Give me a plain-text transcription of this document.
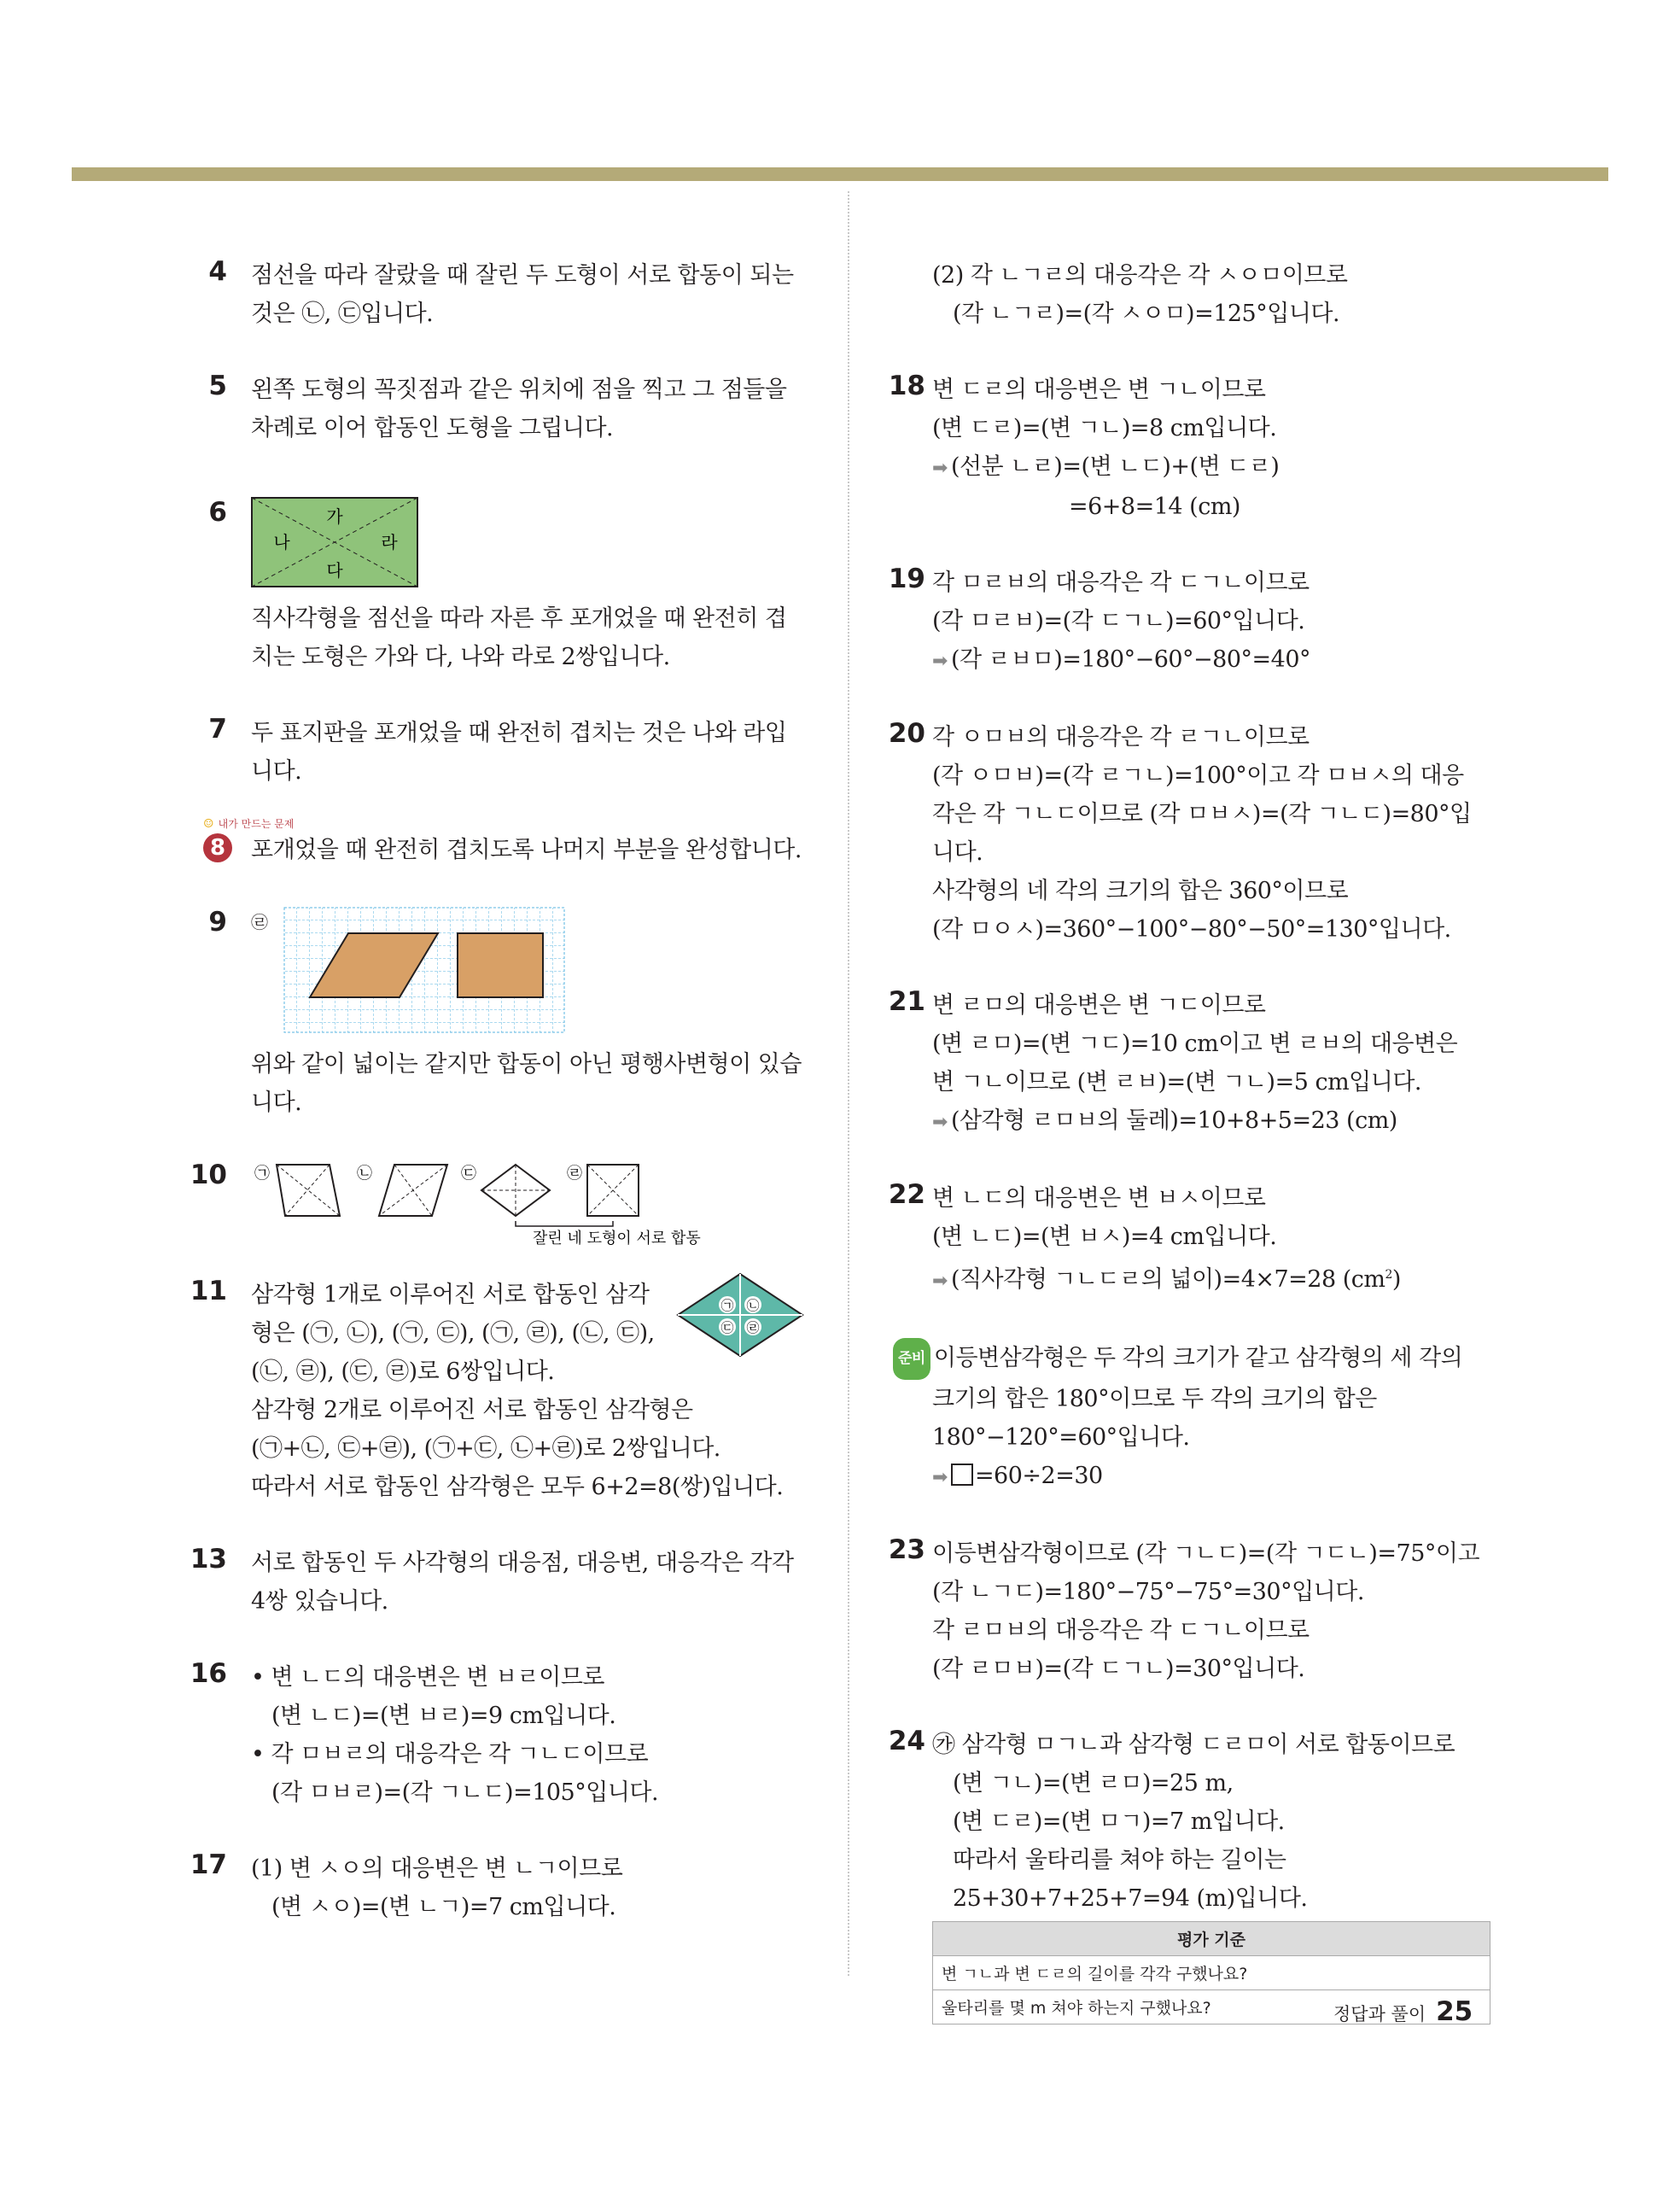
4 점선을 따라 잘랐을 때 잘린 두 도형이 서로 합동이 되는
것은 ㉡, ㉢입니다.
5 왼쪽 도형의 꼭짓점과 같은 위치에 점을 찍고 그 점들을
차례로 이어 합동인 도형을 그립니다.
6	가
나	라
다
직사각형을 점선을 따라 자른 후 포개었을 때 완전히 겹
치는 도형은 가와 다, 나와 라로 2쌍입니다.
7 두 표지판을 포개었을 때 완전히 겹치는 것은 나와 라입
니다.
☺ 내가 만드는 문제
8 포개었을 때 완전히 겹치도록 나머지 부분을 완성합니다.
9 ㉣
위와 같이 넓이는 같지만 합동이 아닌 평행사변형이 있습
니다.
10 ㉠	㉡	㉢	㉣
잘린 네 도형이 서로 합동
11	㉠ ㉡
㉢ ㉣
삼각형 1개로 이루어진 서로 합동인 삼각
형은 (㉠, ㉡), (㉠, ㉢), (㉠, ㉣), (㉡, ㉢),
(㉡, ㉣), (㉢, ㉣)로 6쌍입니다.
삼각형 2개로 이루어진 서로 합동인 삼각형은
(㉠+㉡, ㉢+㉣), (㉠+㉢, ㉡+㉣)로 2쌍입니다.
따라서 서로 합동인 삼각형은 모두 6+2=8(쌍)입니다.
13 서로 합동인 두 사각형의 대응점, 대응변, 대응각은 각각
4쌍 있습니다.
16 • 변 ㄴㄷ의 대응변은 변 ㅂㄹ이므로
(변 ㄴㄷ)=(변 ㅂㄹ)=9 cm입니다.
• 각 ㅁㅂㄹ의 대응각은 각 ㄱㄴㄷ이므로
(각 ㅁㅂㄹ)=(각 ㄱㄴㄷ)=105°입니다.
17 (1) 변 ㅅㅇ의 대응변은 변 ㄴㄱ이므로
(변 ㅅㅇ)=(변 ㄴㄱ)=7 cm입니다.
(2) 각 ㄴㄱㄹ의 대응각은 각 ㅅㅇㅁ이므로
(각 ㄴㄱㄹ)=(각 ㅅㅇㅁ)=125°입니다.
18 변 ㄷㄹ의 대응변은 변 ㄱㄴ이므로
(변 ㄷㄹ)=(변 ㄱㄴ)=8 cm입니다.
➡ (선분 ㄴㄹ)=(변 ㄴㄷ)+(변 ㄷㄹ)
=6+8=14 (cm)
19 각 ㅁㄹㅂ의 대응각은 각 ㄷㄱㄴ이므로
(각 ㅁㄹㅂ)=(각 ㄷㄱㄴ)=60°입니다.
➡ (각 ㄹㅂㅁ)=180°−60°−80°=40°
20 각 ㅇㅁㅂ의 대응각은 각 ㄹㄱㄴ이므로
(각 ㅇㅁㅂ)=(각 ㄹㄱㄴ)=100°이고 각 ㅁㅂㅅ의 대응
각은 각 ㄱㄴㄷ이므로 (각 ㅁㅂㅅ)=(각 ㄱㄴㄷ)=80°입
니다.
사각형의 네 각의 크기의 합은 360°이므로
(각 ㅁㅇㅅ)=360°−100°−80°−50°=130°입니다.
21 변 ㄹㅁ의 대응변은 변 ㄱㄷ이므로
(변 ㄹㅁ)=(변 ㄱㄷ)=10 cm이고 변 ㄹㅂ의 대응변은
변 ㄱㄴ이므로 (변 ㄹㅂ)=(변 ㄱㄴ)=5 cm입니다.
➡ (삼각형 ㄹㅁㅂ의 둘레)=10+8+5=23 (cm)
22 변 ㄴㄷ의 대응변은 변 ㅂㅅ이므로
(변 ㄴㄷ)=(변 ㅂㅅ)=4 cm입니다.
➡ (직사각형 ㄱㄴㄷㄹ의 넓이)=4×7=28 $(cm^2)$
준비 이등변삼각형은 두 각의 크기가 같고 삼각형의 세 각의
크기의 합은 180°이므로 두 각의 크기의 합은
180°−120°=60°입니다.
➡ =60÷2=30
23 이등변삼각형이므로 (각 ㄱㄴㄷ)=(각 ㄱㄷㄴ)=75°이고
(각 ㄴㄱㄷ)=180°−75°−75°=30°입니다.
각 ㄹㅁㅂ의 대응각은 각 ㄷㄱㄴ이므로
(각 ㄹㅁㅂ)=(각 ㄷㄱㄴ)=30°입니다.
24 ㉮ 삼각형 ㅁㄱㄴ과 삼각형 ㄷㄹㅁ이 서로 합동이므로
(변 ㄱㄴ)=(변 ㄹㅁ)=25 m,
(변 ㄷㄹ)=(변 ㅁㄱ)=7 m입니다.
따라서 울타리를 쳐야 하는 길이는
25+30+7+25+7=94 (m)입니다.
평가 기준
변 ㄱㄴ과 변 ㄷㄹ의 길이를 각각 구했나요?
울타리를 몇 m 쳐야 하는지 구했나요?	정답과 풀이 25
